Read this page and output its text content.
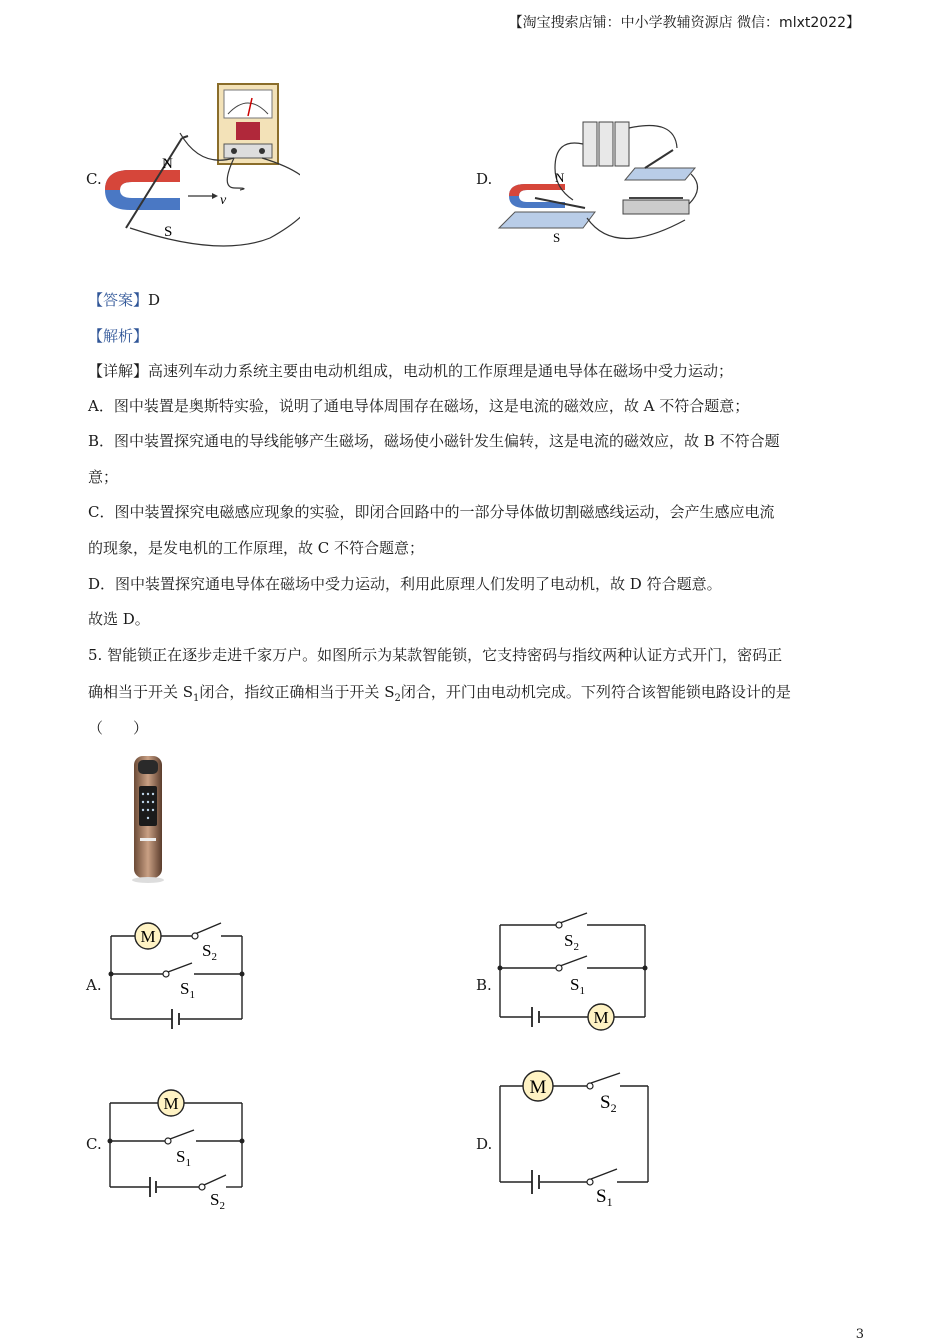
【淘宝搜索店铺：中小学教辅资源店 微信：mlxt2022】
C.
N
S
v
D.	N
S
【答案】D
【解析】
【详解】高速列车动力系统主要由电动机组成，电动机的工作原理是通电导体在磁场中受力运动；
A．图中装置是奥斯特实验，说明了通电导体周围存在磁场，这是电流的磁效应，故 A 不符合题意；
B．图中装置探究通电的导线能够产生磁场，磁场使小磁针发生偏转，这是电流的磁效应，故 B 不符合题
意；
C．图中装置探究电磁感应现象的实验，即闭合回路中的一部分导体做切割磁感线运动，会产生感应电流
的现象，是发电机的工作原理，故 C 不符合题意；
D．图中装置探究通电导体在磁场中受力运动，利用此原理人们发明了电动机，故 D 符合题意。
故选 D。
5. 智能锁正在逐步走进千家万户。如图所示为某款智能锁，它支持密码与指纹两种认证方式开门，密码正
确相当于开关 $S_1$闭合，指纹正确相当于开关 $S_2$闭合，开门由电动机完成。下列符合该智能锁电路设计的是
（　　）
A.
M
$S_2$
$S_1$
B.
M
$S_2$
$S_1$
C.
M
$S_1$
$S_2$
D.
M
$S_2$
$S_1$
3
